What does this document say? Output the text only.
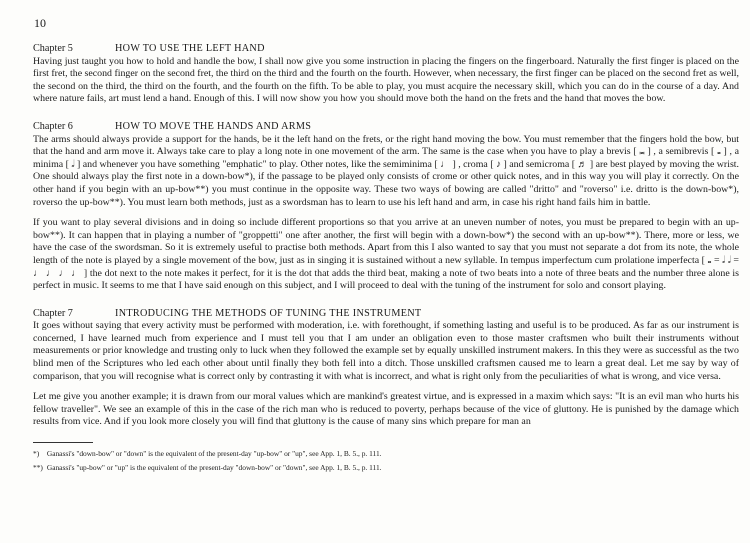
10
Chapter 5	HOW TO USE THE LEFT HAND

Having just taught you how to hold and handle the bow, I shall now give you some instruction in placing the fingers on the fingerboard. Naturally the first finger is placed on the first fret, the second finger on the second fret, the third on the third and the fourth on the fourth. However, when necessary, the first finger can be placed on the second fret as well, the second on the third, the third on the fourth, and the fourth on the fifth. To be able to play, you must acquire the necessary skill, which you can do in the course of a day. And where nature fails, art must lend a hand. Enough of this. I will now show you how you should move both the hand on the frets and the hand that moves the bow.

Chapter 6	HOW TO MOVE THE HANDS AND ARMS

The arms should always provide a support for the hands, be it the left hand on the frets, or the right hand moving the bow. You must remember that the fingers hold the bow, but that the hand and arm move it. Always take care to play a long note in one movement of the arm. The same is the case when you have to play a brevis [ 𝅜 ] , a semibrevis [ 𝅝 ] , a minima [ 𝅗𝅥 ] and whenever you have something "emphatic" to play. Other notes, like the semiminima [ ♩ ] , croma [ ♪ ] and semicroma [ ♬ ] are best played by moving the wrist. One should always play the first note in a down-bow*), if the passage to be played only consists of crome or other quick notes, and in this way you will play it correctly. On the other hand if you begin with an up-bow**) you must continue in the opposite way. These two ways of bowing are called "dritto" and "roverso" i.e. dritto is the down-bow*), roverso the up-bow**). You must learn both methods, just as a swordsman has to learn to use his left hand and arm, in case his right hand fails him in battle.

If you want to play several divisions and in doing so include different proportions so that you arrive at an uneven number of notes, you must be prepared to begin with an up-bow**). It can happen that in playing a number of "groppetti" one after another, the first will begin with a down-bow*) the second with an up-bow**). There, more or less, we have the case of the swordsman. So it is extremely useful to practise both methods. Apart from this I also wanted to say that you must not separate a dot from its note, the whole length of the note is played by a single movement of the bow, just as in singing it is sustained without a new syllable. In tempus imperfectum cum prolatione imperfecta [ 𝅝 = 𝅗𝅥 𝅗𝅥 = ♩ ♩ ♩ ♩ ] the dot next to the note makes it perfect, for it is the dot that adds the third beat, making a note of two beats into a note of three beats and the number three alone is perfect in music. It seems to me that I have said enough on this subject, and I will proceed to deal with the tuning of the instrument for solo and consort playing.

Chapter 7	INTRODUCING THE METHODS OF TUNING THE INSTRUMENT

It goes without saying that every activity must be performed with moderation, i.e. with forethought, if something lasting and useful is to be produced. As far as our instrument is concerned, I have learned much from experience and I must tell you that I am under an obligation even to those master craftsmen who built their instruments without measurements or prior knowledge and trusting only to luck when they followed the example set by equally unskilled instrument makers. In this they were as successful as the two blind men of the Scriptures who led each other about until finally they both fell into a ditch. Those unskilled craftsmen caused me to learn a great deal. Let me say by way of comparison, that you will recognise what is correct only by contrasting it with what is incorrect, and what is right only from the peculiarities of what is wrong, and vice versa.

Let me give you another example; it is drawn from our moral values which are mankind's greatest virtue, and is expressed in a maxim which says: "It is an evil man who hurts his fellow traveller". We see an example of this in the case of the rich man who is reduced to poverty, perhaps because of the vice of gluttony. He is punished by the damage which results from vice. And if you look more closely you will find that gluttony is the cause of many sins which prepare for man an

*) Ganassi's "down-bow" or "down" is the equivalent of the present-day "up-bow" or "up", see App. 1, B. 5., p. 111.

**) Ganassi's "up-bow" or "up" is the equivalent of the present-day "down-bow" or "down", see App. 1, B. 5., p. 111.
